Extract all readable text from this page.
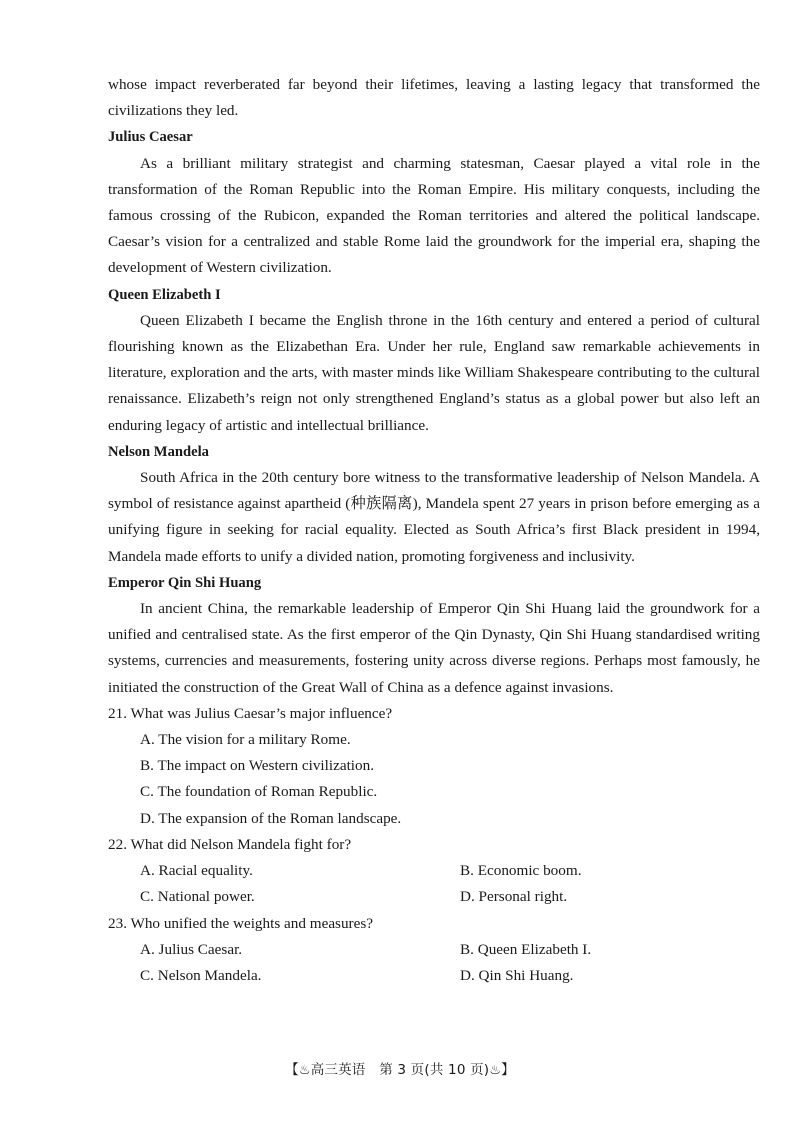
whose impact reverberated far beyond their lifetimes, leaving a lasting legacy that transformed the civilizations they led.

Julius Caesar

As a brilliant military strategist and charming statesman, Caesar played a vital role in the transformation of the Roman Republic into the Roman Empire. His military conquests, including the famous crossing of the Rubicon, expanded the Roman territories and altered the political landscape. Caesar’s vision for a centralized and stable Rome laid the groundwork for the imperial era, shaping the development of Western civilization.

Queen Elizabeth I

Queen Elizabeth I became the English throne in the 16th century and entered a period of cultural flourishing known as the Elizabethan Era. Under her rule, England saw remarkable achievements in literature, exploration and the arts, with master minds like William Shakespeare contributing to the cultural renaissance. Elizabeth’s reign not only strengthened England’s status as a global power but also left an enduring legacy of artistic and intellectual brilliance.

Nelson Mandela

South Africa in the 20th century bore witness to the transformative leadership of Nelson Mandela. A symbol of resistance against apartheid (种族隔离), Mandela spent 27 years in prison before emerging as a unifying figure in seeking for racial equality. Elected as South Africa’s first Black president in 1994, Mandela made efforts to unify a divided nation, promoting forgiveness and inclusivity.

Emperor Qin Shi Huang

In ancient China, the remarkable leadership of Emperor Qin Shi Huang laid the groundwork for a unified and centralised state. As the first emperor of the Qin Dynasty, Qin Shi Huang standardised writing systems, currencies and measurements, fostering unity across diverse regions. Perhaps most famously, he initiated the construction of the Great Wall of China as a defence against invasions.

21. What was Julius Caesar’s major influence?

A. The vision for a military Rome.

B. The impact on Western civilization.

C. The foundation of Roman Republic.

D. The expansion of the Roman landscape.

22. What did Nelson Mandela fight for?

A. Racial equality.	B. Economic boom.
C. National power.	D. Personal right.

23. Who unified the weights and measures?

A. Julius Caesar.	B. Queen Elizabeth I.
C. Nelson Mandela.	D. Qin Shi Huang.
【♨高三英语　第 3 页(共 10 页)♨】
